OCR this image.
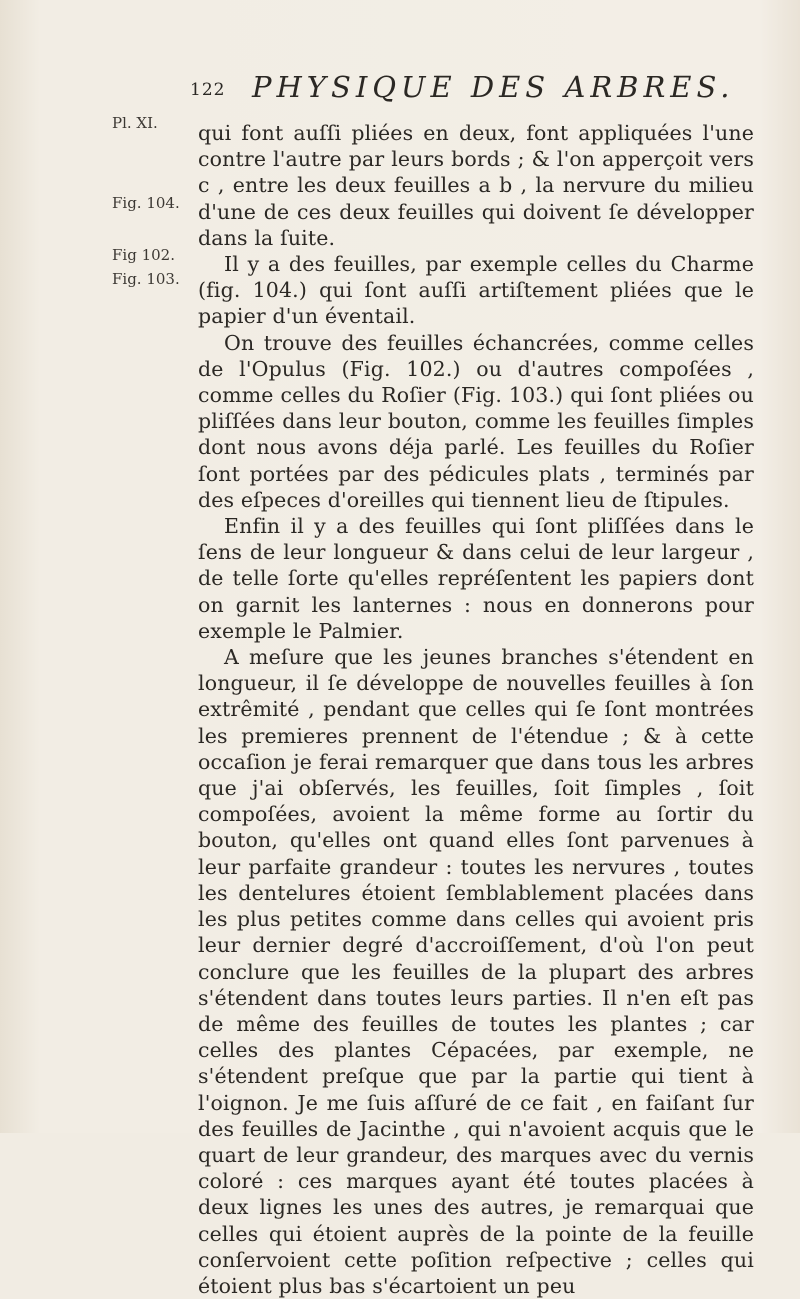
122 PHYSIQUE DES ARBRES.
Pl. XI.
Fig. 104.
Fig 102.
Fig. 103.

qui font auſſi pliées en deux, font appliquées l'une contre l'autre par leurs bords ; & l'on apperçoit vers c , entre les deux feuilles a b , la nervure du milieu d'une de ces deux feuilles qui doivent ſe développer dans la ſuite.

Il y a des feuilles, par exemple celles du Charme (fig. 104.) qui ſont auſſi artiſtement pliées que le papier d'un éventail.

On trouve des feuilles échancrées, comme celles de l'Opulus (Fig. 102.) ou d'autres compoſées , comme celles du Roſier (Fig. 103.) qui ſont pliées ou pliſſées dans leur bouton, comme les feuilles ſimples dont nous avons déja parlé. Les feuilles du Roſier ſont portées par des pédicules plats , terminés par des eſpeces d'oreilles qui tiennent lieu de ſtipules.

Enfin il y a des feuilles qui ſont pliſſées dans le ſens de leur longueur & dans celui de leur largeur , de telle ſorte qu'elles repréſentent les papiers dont on garnit les lanternes : nous en donnerons pour exemple le Palmier.

A meſure que les jeunes branches s'étendent en longueur, il ſe développe de nouvelles feuilles à ſon extrêmité , pendant que celles qui ſe ſont montrées les premieres prennent de l'étendue ; & à cette occaſion je ferai remarquer que dans tous les arbres que j'ai obſervés, les feuilles, ſoit ſimples , ſoit compoſées, avoient la même forme au ſortir du bouton, qu'elles ont quand elles ſont parvenues à leur parfaite grandeur : toutes les nervures , toutes les dentelures étoient ſemblablement placées dans les plus petites comme dans celles qui avoient pris leur dernier degré d'accroiſſement, d'où l'on peut conclure que les feuilles de la plupart des arbres s'étendent dans toutes leurs parties. Il n'en eſt pas de même des feuilles de toutes les plantes ; car celles des plantes Cépacées, par exemple, ne s'étendent preſque que par la partie qui tient à l'oignon. Je me ſuis aſſuré de ce fait , en faiſant ſur des feuilles de Jacinthe , qui n'avoient acquis que le quart de leur grandeur, des marques avec du vernis coloré : ces marques ayant été toutes placées à deux lignes les unes des autres, je remarquai que celles qui étoient auprès de la pointe de la feuille conſervoient cette poſition reſpective ; celles qui étoient plus bas s'écartoient un peu
